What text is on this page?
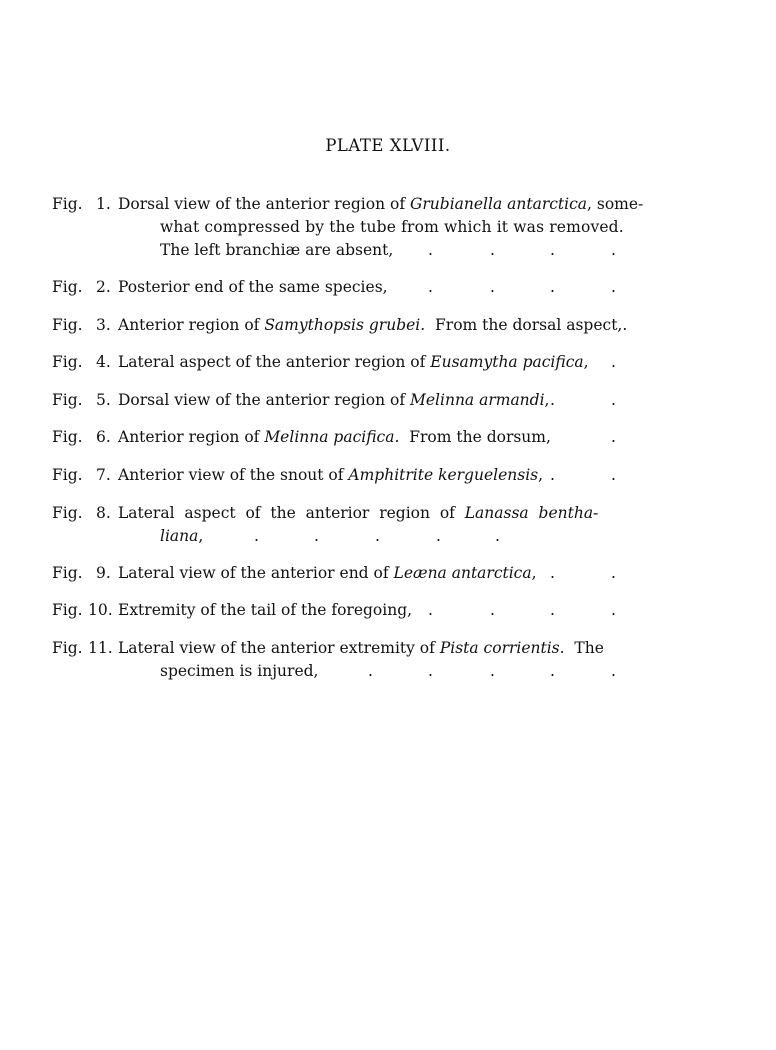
PLATE XLVIII.
Fig. 1. Dorsal view of the anterior region of Grubianella antarctica, some-
what compressed by the tube from which it was removed.
The left branchiæ are absent, .	.	.	.
Fig. 2. Posterior end of the same species,	.	.	.	.
Fig. 3. Anterior region of Samythopsis grubei.  From the dorsal aspect,.
Fig. 4. Lateral aspect of the anterior region of Eusamytha pacifica, .
Fig. 5. Dorsal view of the anterior region of Melinna armandi, .	.
Fig. 6. Anterior region of Melinna pacifica.  From the dorsum,	.
Fig. 7. Anterior view of the snout of Amphitrite kerguelensis, .	.
Fig. 8. Lateral  aspect  of  the  anterior  region  of  Lanassa  bentha-
liana,	.	.	.	.	.
Fig. 9. Lateral view of the anterior end of Leæna antarctica, .	.
Fig. 10. Extremity of the tail of the foregoing, .	.	.	.
Fig. 11. Lateral view of the anterior extremity of Pista corrientis.  The
specimen is injured,	.	.	.	.	.
